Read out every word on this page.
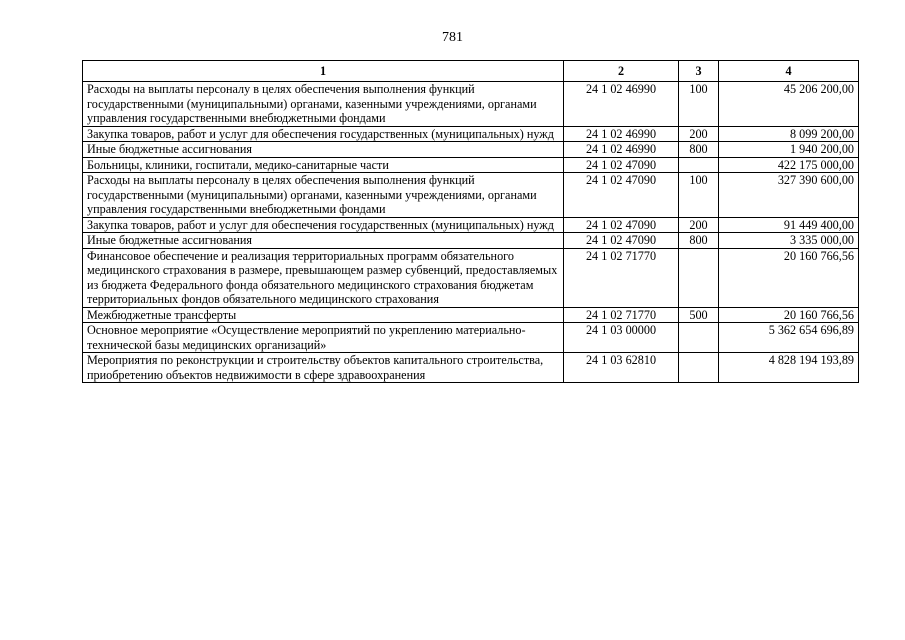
781
1	2	3	4
Расходы на выплаты персоналу в целях обеспечения выполнения функций государственными (муниципальными) органами, казенными учреждениями, органами управления государственными внебюджетными фондами	24 1 02 46990	100	45 206 200,00
Закупка товаров, работ и услуг для обеспечения государственных (муниципальных) нужд	24 1 02 46990	200	8 099 200,00
Иные бюджетные ассигнования	24 1 02 46990	800	1 940 200,00
Больницы, клиники, госпитали, медико-санитарные части	24 1 02 47090		422 175 000,00
Расходы на выплаты персоналу в целях обеспечения выполнения функций государственными (муниципальными) органами, казенными учреждениями, органами управления государственными внебюджетными фондами	24 1 02 47090	100	327 390 600,00
Закупка товаров, работ и услуг для обеспечения государственных (муниципальных) нужд	24 1 02 47090	200	91 449 400,00
Иные бюджетные ассигнования	24 1 02 47090	800	3 335 000,00
Финансовое обеспечение и реализация территориальных программ обязательного медицинского страхования в размере, превышающем размер субвенций, предоставляемых из бюджета Федерального фонда обязательного медицинского страхования бюджетам территориальных фондов обязательного медицинского страхования	24 1 02 71770		20 160 766,56
Межбюджетные трансферты	24 1 02 71770	500	20 160 766,56
Основное мероприятие «Осуществление мероприятий по укреплению материально-технической базы медицинских организаций»	24 1 03 00000		5 362 654 696,89
Мероприятия по реконструкции и строительству объектов капитального строительства, приобретению объектов недвижимости в сфере здравоохранения	24 1 03 62810		4 828 194 193,89
